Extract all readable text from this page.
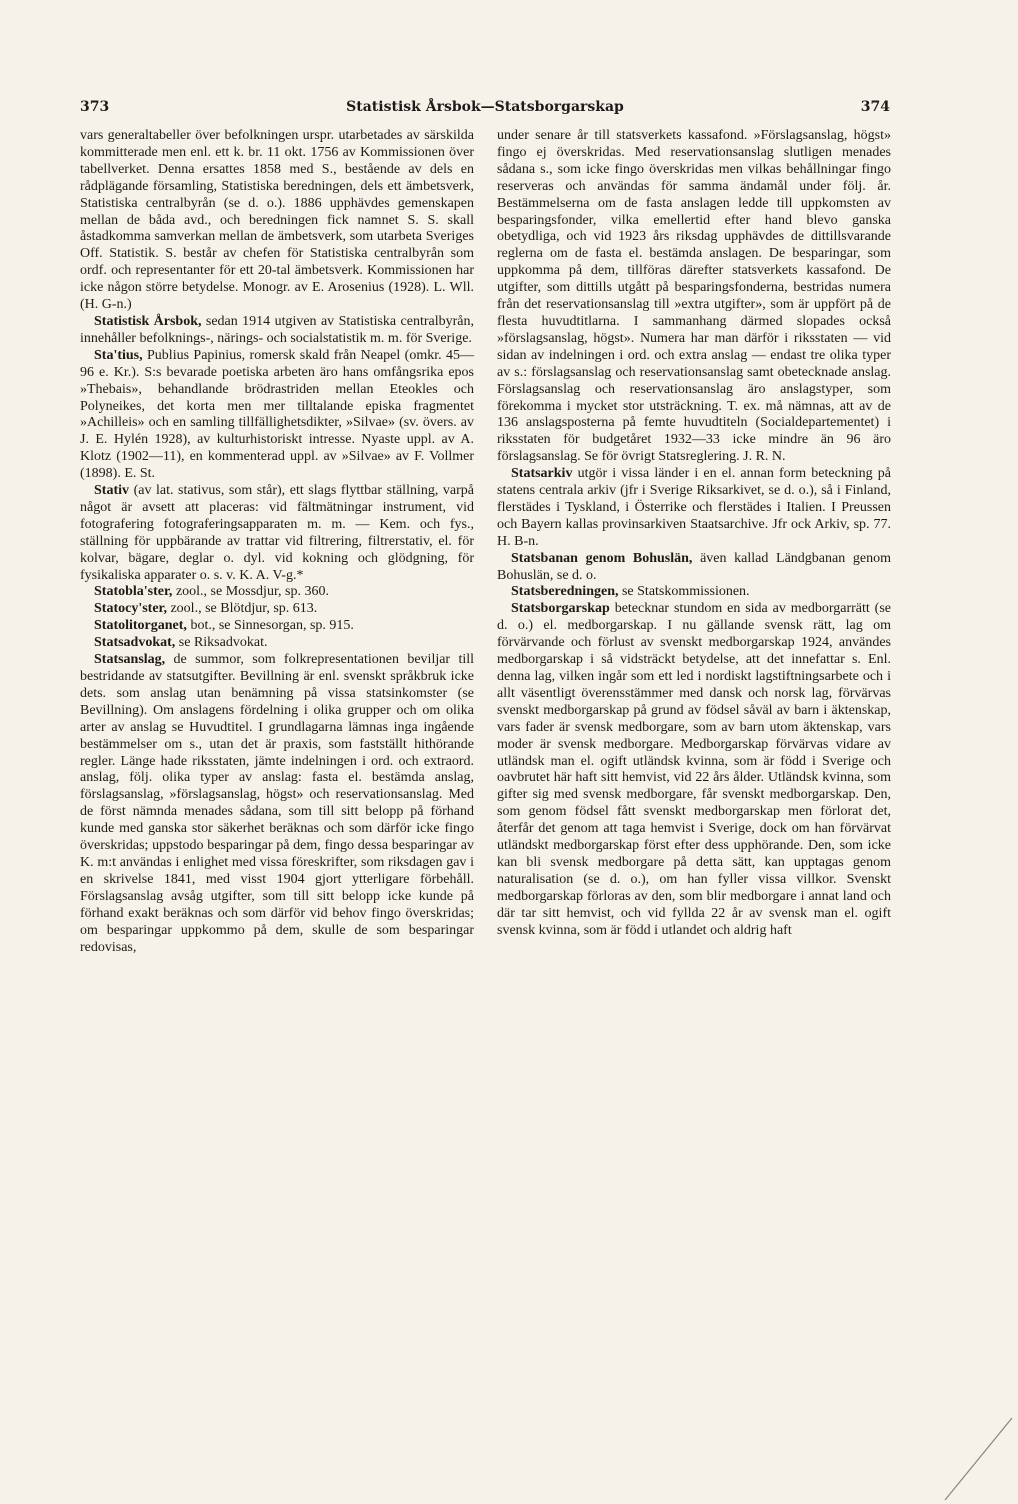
373	Statistisk Årsbok—Statsborgarskap	374

vars generaltabeller över befolkningen urspr. utarbetades av särskilda kommitterade men enl. ett k. br. 11 okt. 1756 av Kommissionen över tabellverket. Denna ersattes 1858 med S., bestående av dels en rådplägande församling, Statistiska beredningen, dels ett ämbetsverk, Statistiska centralbyrån (se d. o.). 1886 upphävdes gemenskapen mellan de båda avd., och beredningen fick namnet S. S. skall åstadkomma samverkan mellan de ämbetsverk, som utarbeta Sveriges Off. Statistik. S. består av chefen för Statistiska centralbyrån som ordf. och representanter för ett 20-tal ämbetsverk. Kommissionen har icke någon större betydelse. Monogr. av E. Arosenius (1928). L. Wll. (H. G-n.)

Statistisk Årsbok, sedan 1914 utgiven av Statistiska centralbyrån, innehåller befolknings-, närings- och socialstatistik m. m. för Sverige.

Sta'tius, Publius Papinius, romersk skald från Neapel (omkr. 45—96 e. Kr.). S:s bevarade poetiska arbeten äro hans omfångsrika epos »Thebais», behandlande brödrastriden mellan Eteokles och Polyneikes, det korta men mer tilltalande episka fragmentet »Achilleis» och en samling tillfällighetsdikter, »Silvae» (sv. övers. av J. E. Hylén 1928), av kulturhistoriskt intresse. Nyaste uppl. av A. Klotz (1902—11), en kommenterad uppl. av »Silvae» av F. Vollmer (1898). E. St.

Stativ (av lat. stativus, som står), ett slags flyttbar ställning, varpå något är avsett att placeras: vid fältmätningar instrument, vid fotografering fotograferingsapparaten m. m. — Kem. och fys., ställning för uppbärande av trattar vid filtrering, filtrerstativ, el. för kolvar, bägare, deglar o. dyl. vid kokning och glödgning, för fysikaliska apparater o. s. v. K. A. V-g.*

Statobla'ster, zool., se Mossdjur, sp. 360.

Statocy'ster, zool., se Blötdjur, sp. 613.

Statolitorganet, bot., se Sinnesorgan, sp. 915.

Statsadvokat, se Riksadvokat.

Statsanslag, de summor, som folkrepresentationen beviljar till bestridande av statsutgifter. Bevillning är enl. svenskt språkbruk icke dets. som anslag utan benämning på vissa statsinkomster (se Bevillning). Om anslagens fördelning i olika grupper och om olika arter av anslag se Huvudtitel. I grundlagarna lämnas inga ingående bestämmelser om s., utan det är praxis, som fastställt hithörande regler. Länge hade riksstaten, jämte indelningen i ord. och extraord. anslag, följ. olika typer av anslag: fasta el. bestämda anslag, förslagsanslag, »förslagsanslag, högst» och reservationsanslag. Med de först nämnda menades sådana, som till sitt belopp på förhand kunde med ganska stor säkerhet beräknas och som därför icke fingo överskridas; uppstodo besparingar på dem, fingo dessa besparingar av K. m:t användas i enlighet med vissa föreskrifter, som riksdagen gav i en skrivelse 1841, med visst 1904 gjort ytterligare förbehåll. Förslagsanslag avsåg utgifter, som till sitt belopp icke kunde på förhand exakt beräknas och som därför vid behov fingo överskridas; om besparingar uppkommo på dem, skulle de som besparingar redovisas,

under senare år till statsverkets kassafond. »Förslagsanslag, högst» fingo ej överskridas. Med reservationsanslag slutligen menades sådana s., som icke fingo överskridas men vilkas behållningar fingo reserveras och användas för samma ändamål under följ. år. Bestämmelserna om de fasta anslagen ledde till uppkomsten av besparingsfonder, vilka emellertid efter hand blevo ganska obetydliga, och vid 1923 års riksdag upphävdes de dittillsvarande reglerna om de fasta el. bestämda anslagen. De besparingar, som uppkomma på dem, tillföras därefter statsverkets kassafond. De utgifter, som dittills utgått på besparingsfonderna, bestridas numera från det reservationsanslag till »extra utgifter», som är uppfört på de flesta huvudtitlarna. I sammanhang därmed slopades också »förslagsanslag, högst». Numera har man därför i riksstaten — vid sidan av indelningen i ord. och extra anslag — endast tre olika typer av s.: förslagsanslag och reservationsanslag samt obetecknade anslag. Förslagsanslag och reservationsanslag äro anslagstyper, som förekomma i mycket stor utsträckning. T. ex. må nämnas, att av de 136 anslagsposterna på femte huvudtiteln (Socialdepartementet) i riksstaten för budgetåret 1932—33 icke mindre än 96 äro förslagsanslag. Se för övrigt Statsreglering. J. R. N.

Statsarkiv utgör i vissa länder i en el. annan form beteckning på statens centrala arkiv (jfr i Sverige Riksarkivet, se d. o.), så i Finland, flerstädes i Tyskland, i Österrike och flerstädes i Italien. I Preussen och Bayern kallas provinsarkiven Staatsarchive. Jfr ock Arkiv, sp. 77. H. B-n.

Statsbanan genom Bohuslän, även kallad Ländgbanan genom Bohuslän, se d. o.

Statsberedningen, se Statskommissionen.

Statsborgarskap betecknar stundom en sida av medborgarrätt (se d. o.) el. medborgarskap. I nu gällande svensk rätt, lag om förvärvande och förlust av svenskt medborgarskap 1924, användes medborgarskap i så vidsträckt betydelse, att det innefattar s. Enl. denna lag, vilken ingår som ett led i nordiskt lagstiftningsarbete och i allt väsentligt överensstämmer med dansk och norsk lag, förvärvas svenskt medborgarskap på grund av födsel såväl av barn i äktenskap, vars fader är svensk medborgare, som av barn utom äktenskap, vars moder är svensk medborgare. Medborgarskap förvärvas vidare av utländsk man el. ogift utländsk kvinna, som är född i Sverige och oavbrutet här haft sitt hemvist, vid 22 års ålder. Utländsk kvinna, som gifter sig med svensk medborgare, får svenskt medborgarskap. Den, som genom födsel fått svenskt medborgarskap men förlorat det, återfår det genom att taga hemvist i Sverige, dock om han förvärvat utländskt medborgarskap först efter dess upphörande. Den, som icke kan bli svensk medborgare på detta sätt, kan upptagas genom naturalisation (se d. o.), om han fyller vissa villkor. Svenskt medborgarskap förloras av den, som blir medborgare i annat land och där tar sitt hemvist, och vid fyllda 22 år av svensk man el. ogift svensk kvinna, som är född i utlandet och aldrig haft
